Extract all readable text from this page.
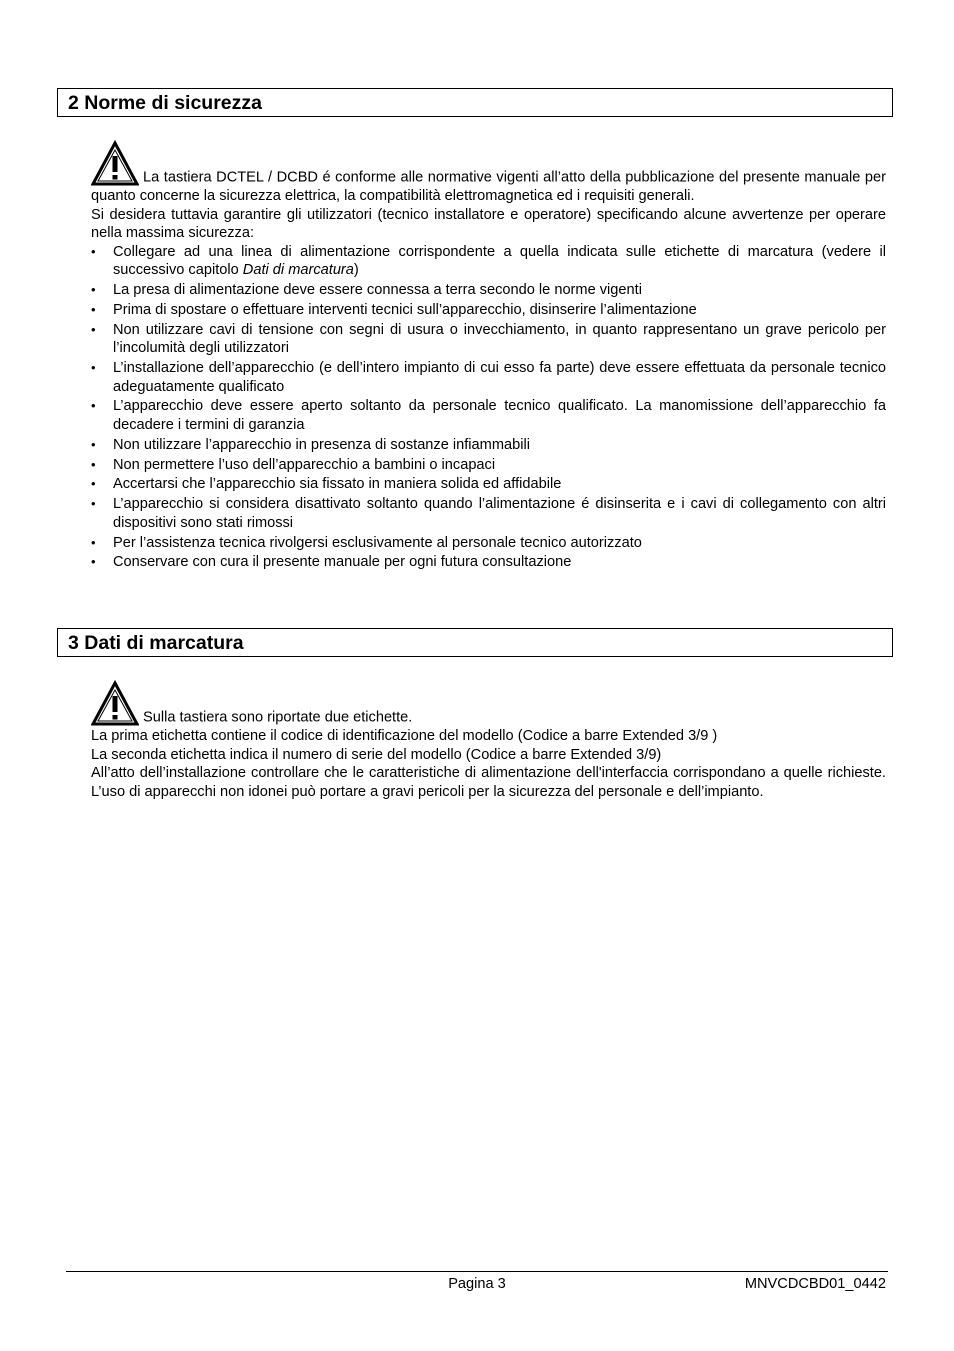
2 Norme di sicurezza

La tastiera DCTEL / DCBD é conforme alle normative vigenti all’atto della pubblicazione del presente manuale per quanto concerne la sicurezza elettrica, la compatibilità elettromagnetica ed i requisiti generali.

Si desidera tuttavia garantire gli utilizzatori (tecnico installatore e operatore) specificando alcune avvertenze per operare nella massima sicurezza:

• Collegare ad una linea di alimentazione corrispondente a quella indicata sulle etichette di marcatura (vedere il successivo capitolo Dati di marcatura)
• La presa di alimentazione deve essere connessa a terra secondo le norme vigenti
• Prima di spostare o effettuare interventi tecnici sull’apparecchio, disinserire l’alimentazione
• Non utilizzare cavi di tensione con segni di usura o invecchiamento, in quanto rappresentano un grave pericolo per l’incolumità degli utilizzatori
• L’installazione dell’apparecchio (e dell’intero impianto di cui esso fa parte) deve essere effettuata da personale tecnico adeguatamente qualificato
• L’apparecchio deve essere aperto soltanto da personale tecnico qualificato. La manomissione dell’apparecchio fa decadere i termini di garanzia
• Non utilizzare l’apparecchio in presenza di sostanze infiammabili
• Non permettere l’uso dell’apparecchio a bambini o incapaci
• Accertarsi che l’apparecchio sia fissato in maniera solida ed affidabile
• L’apparecchio si considera disattivato soltanto quando l’alimentazione é disinserita e i cavi di collegamento con altri dispositivi sono stati rimossi
• Per l’assistenza tecnica rivolgersi esclusivamente al personale tecnico autorizzato
• Conservare con cura il presente manuale per ogni futura consultazione
3 Dati di marcatura

Sulla tastiera sono riportate due etichette.

La prima etichetta contiene il codice di identificazione del modello (Codice a barre Extended 3/9 )

La seconda etichetta indica il numero di serie del modello (Codice a barre Extended 3/9)

All’atto dell’installazione controllare che le caratteristiche di alimentazione dell'interfaccia corrispondano a quelle richieste. L’uso di apparecchi non idonei può portare a gravi pericoli per la sicurezza del personale e dell’impianto.

Pagina 3	MNVCDCBD01_0442
